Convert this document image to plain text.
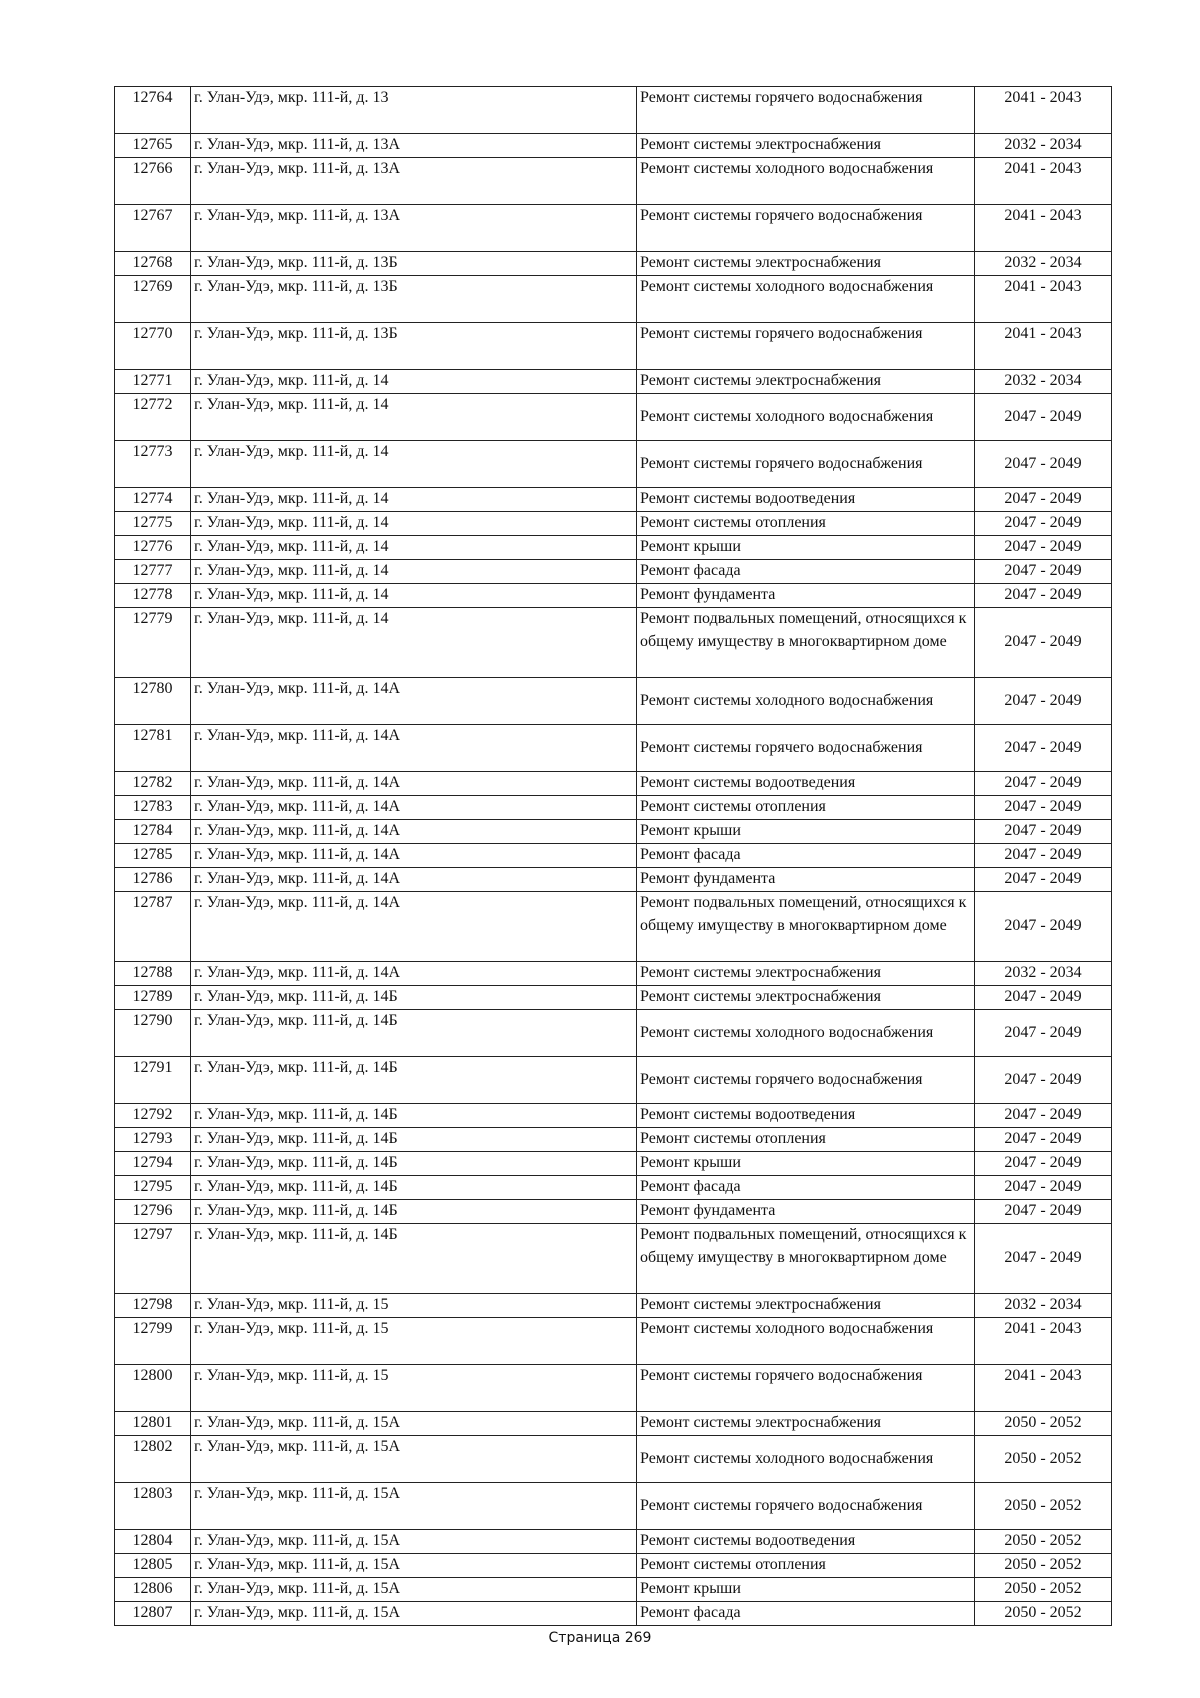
12764	г. Улан-Удэ, мкр. 111-й, д. 13	Ремонт системы горячего водоснабжения	2041 - 2043
12765	г. Улан-Удэ, мкр. 111-й, д. 13А	Ремонт системы электроснабжения	2032 - 2034
12766	г. Улан-Удэ, мкр. 111-й, д. 13А	Ремонт системы холодного водоснабжения	2041 - 2043
12767	г. Улан-Удэ, мкр. 111-й, д. 13А	Ремонт системы горячего водоснабжения	2041 - 2043
12768	г. Улан-Удэ, мкр. 111-й, д. 13Б	Ремонт системы электроснабжения	2032 - 2034
12769	г. Улан-Удэ, мкр. 111-й, д. 13Б	Ремонт системы холодного водоснабжения	2041 - 2043
12770	г. Улан-Удэ, мкр. 111-й, д. 13Б	Ремонт системы горячего водоснабжения	2041 - 2043
12771	г. Улан-Удэ, мкр. 111-й, д. 14	Ремонт системы электроснабжения	2032 - 2034
12772	г. Улан-Удэ, мкр. 111-й, д. 14	Ремонт системы холодного водоснабжения	2047 - 2049
12773	г. Улан-Удэ, мкр. 111-й, д. 14	Ремонт системы горячего водоснабжения	2047 - 2049
12774	г. Улан-Удэ, мкр. 111-й, д. 14	Ремонт системы водоотведения	2047 - 2049
12775	г. Улан-Удэ, мкр. 111-й, д. 14	Ремонт системы отопления	2047 - 2049
12776	г. Улан-Удэ, мкр. 111-й, д. 14	Ремонт крыши	2047 - 2049
12777	г. Улан-Удэ, мкр. 111-й, д. 14	Ремонт фасада	2047 - 2049
12778	г. Улан-Удэ, мкр. 111-й, д. 14	Ремонт фундамента	2047 - 2049
12779	г. Улан-Удэ, мкр. 111-й, д. 14	Ремонт подвальных помещений, относящихся к общему имуществу в многоквартирном доме	2047 - 2049
12780	г. Улан-Удэ, мкр. 111-й, д. 14А	Ремонт системы холодного водоснабжения	2047 - 2049
12781	г. Улан-Удэ, мкр. 111-й, д. 14А	Ремонт системы горячего водоснабжения	2047 - 2049
12782	г. Улан-Удэ, мкр. 111-й, д. 14А	Ремонт системы водоотведения	2047 - 2049
12783	г. Улан-Удэ, мкр. 111-й, д. 14А	Ремонт системы отопления	2047 - 2049
12784	г. Улан-Удэ, мкр. 111-й, д. 14А	Ремонт крыши	2047 - 2049
12785	г. Улан-Удэ, мкр. 111-й, д. 14А	Ремонт фасада	2047 - 2049
12786	г. Улан-Удэ, мкр. 111-й, д. 14А	Ремонт фундамента	2047 - 2049
12787	г. Улан-Удэ, мкр. 111-й, д. 14А	Ремонт подвальных помещений, относящихся к общему имуществу в многоквартирном доме	2047 - 2049
12788	г. Улан-Удэ, мкр. 111-й, д. 14А	Ремонт системы электроснабжения	2032 - 2034
12789	г. Улан-Удэ, мкр. 111-й, д. 14Б	Ремонт системы электроснабжения	2047 - 2049
12790	г. Улан-Удэ, мкр. 111-й, д. 14Б	Ремонт системы холодного водоснабжения	2047 - 2049
12791	г. Улан-Удэ, мкр. 111-й, д. 14Б	Ремонт системы горячего водоснабжения	2047 - 2049
12792	г. Улан-Удэ, мкр. 111-й, д. 14Б	Ремонт системы водоотведения	2047 - 2049
12793	г. Улан-Удэ, мкр. 111-й, д. 14Б	Ремонт системы отопления	2047 - 2049
12794	г. Улан-Удэ, мкр. 111-й, д. 14Б	Ремонт крыши	2047 - 2049
12795	г. Улан-Удэ, мкр. 111-й, д. 14Б	Ремонт фасада	2047 - 2049
12796	г. Улан-Удэ, мкр. 111-й, д. 14Б	Ремонт фундамента	2047 - 2049
12797	г. Улан-Удэ, мкр. 111-й, д. 14Б	Ремонт подвальных помещений, относящихся к общему имуществу в многоквартирном доме	2047 - 2049
12798	г. Улан-Удэ, мкр. 111-й, д. 15	Ремонт системы электроснабжения	2032 - 2034
12799	г. Улан-Удэ, мкр. 111-й, д. 15	Ремонт системы холодного водоснабжения	2041 - 2043
12800	г. Улан-Удэ, мкр. 111-й, д. 15	Ремонт системы горячего водоснабжения	2041 - 2043
12801	г. Улан-Удэ, мкр. 111-й, д. 15А	Ремонт системы электроснабжения	2050 - 2052
12802	г. Улан-Удэ, мкр. 111-й, д. 15А	Ремонт системы холодного водоснабжения	2050 - 2052
12803	г. Улан-Удэ, мкр. 111-й, д. 15А	Ремонт системы горячего водоснабжения	2050 - 2052
12804	г. Улан-Удэ, мкр. 111-й, д. 15А	Ремонт системы водоотведения	2050 - 2052
12805	г. Улан-Удэ, мкр. 111-й, д. 15А	Ремонт системы отопления	2050 - 2052
12806	г. Улан-Удэ, мкр. 111-й, д. 15А	Ремонт крыши	2050 - 2052
12807	г. Улан-Удэ, мкр. 111-й, д. 15А	Ремонт фасада	2050 - 2052
Страница 269
